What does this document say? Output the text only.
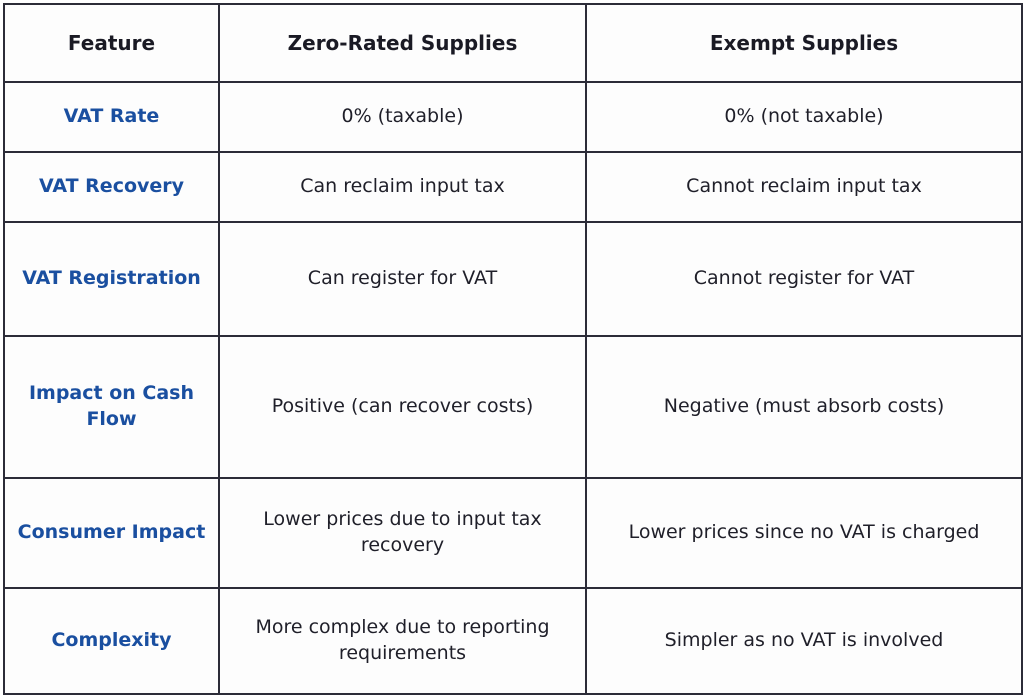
Feature	Zero-Rated Supplies	Exempt Supplies

VAT Rate	0% (taxable)	0% (not taxable)

VAT Recovery	Can reclaim input tax	Cannot reclaim input tax

VAT Registration	Can register for VAT	Cannot register for VAT

Impact on Cash Flow	Positive (can recover costs)	Negative (must absorb costs)

Consumer Impact	Lower prices due to input tax recovery	Lower prices since no VAT is charged

Complexity	More complex due to reporting requirements	Simpler as no VAT is involved
